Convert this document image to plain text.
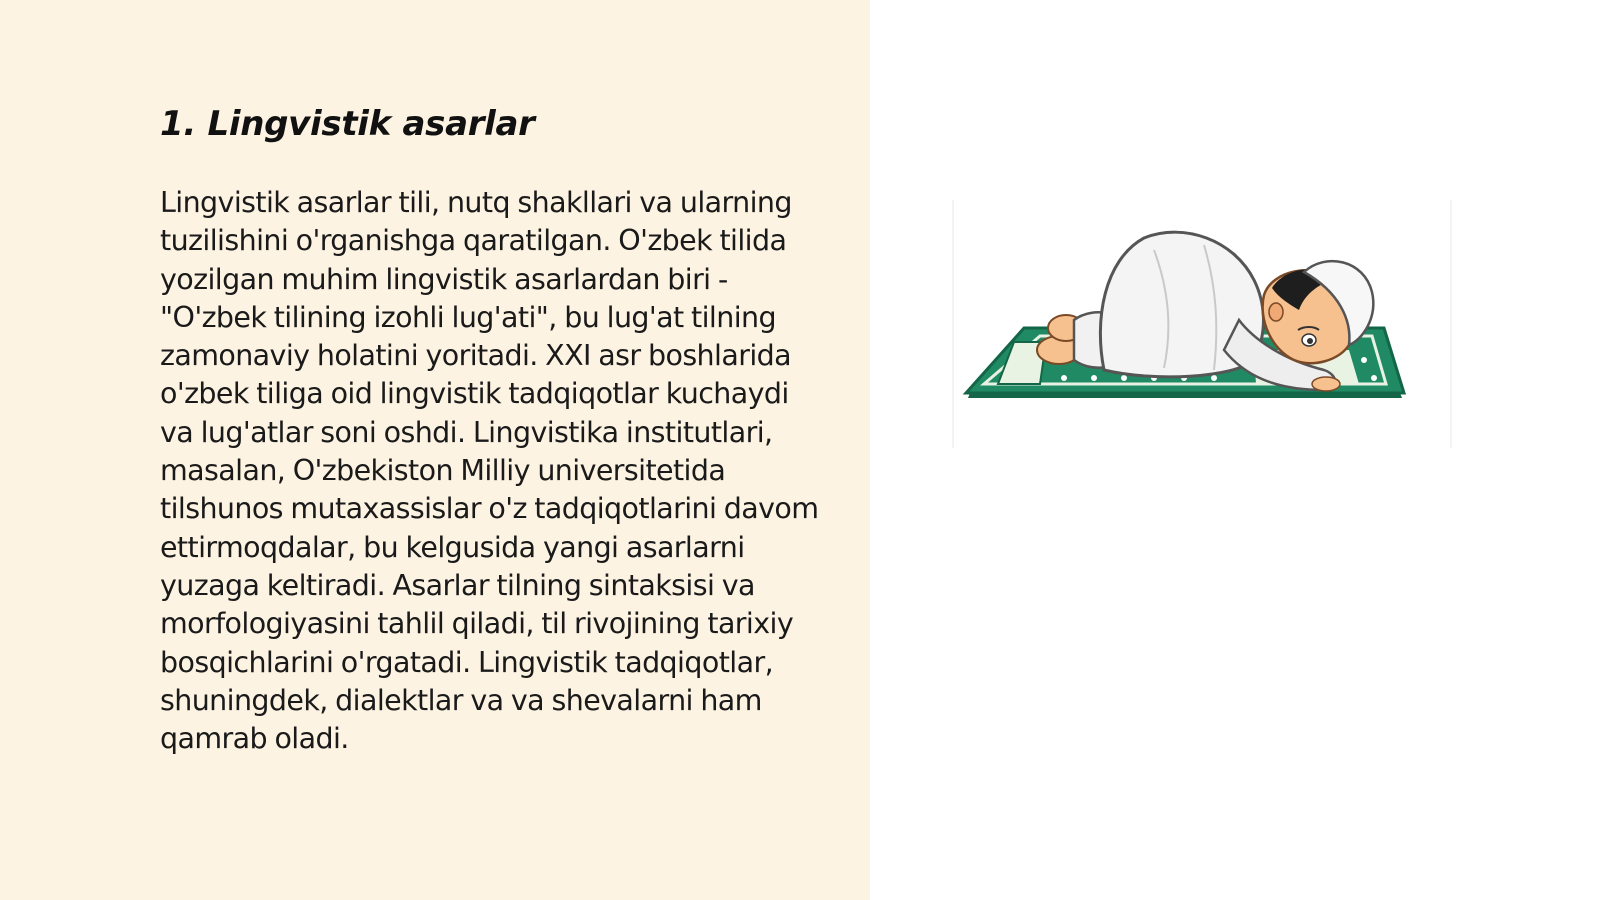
1. Lingvistik asarlar

Lingvistik asarlar tili, nutq shakllari va ularning tuzilishini o'rganishga qaratilgan. O'zbek tilida yozilgan muhim lingvistik asarlardan biri - "O'zbek tilining izohli lug'ati", bu lug'at tilning zamonaviy holatini yoritadi. XXI asr boshlarida o'zbek tiliga oid lingvistik tadqiqotlar kuchaydi va lug'atlar soni oshdi. Lingvistika institutlari, masalan, O'zbekiston Milliy universitetida tilshunos mutaxassislar o'z tadqiqotlarini davom ettirmoqdalar, bu kelgusida yangi asarlarni yuzaga keltiradi. Asarlar tilning sintaksisi va morfologiyasini tahlil qiladi, til rivojining tarixiy bosqichlarini o'rgatadi. Lingvistik tadqiqotlar, shuningdek, dialektlar va va shevalarni ham qamrab oladi.
